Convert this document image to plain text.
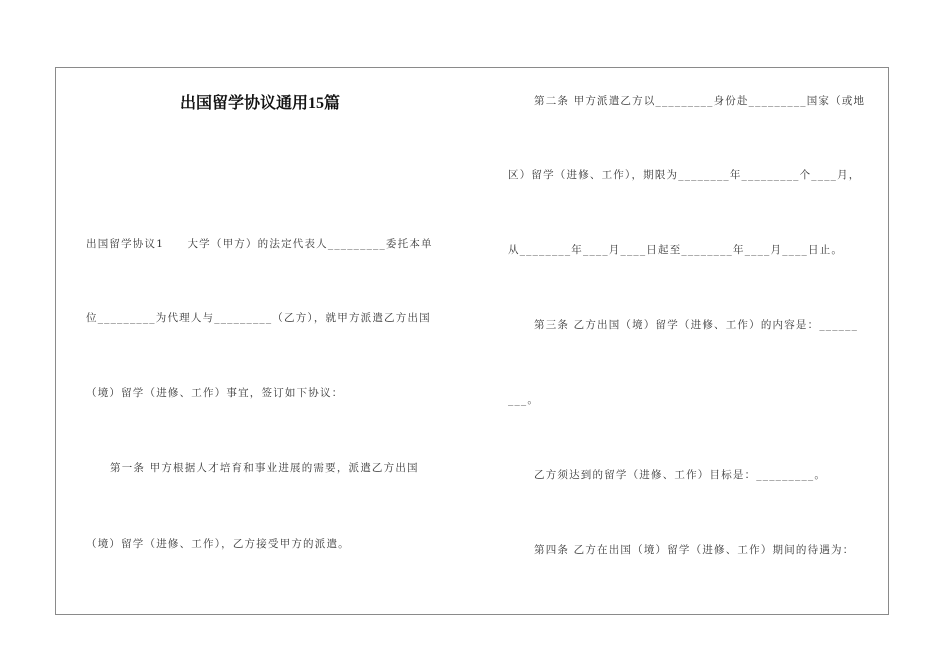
出国留学协议通用15篇
出国留学协议1　　大学（甲方）的法定代表人_________委托本单
位_________为代理人与_________（乙方），就甲方派遣乙方出国
（境）留学（进修、工作）事宜，签订如下协议：
第一条 甲方根据人才培育和事业进展的需要，派遣乙方出国
（境）留学（进修、工作），乙方接受甲方的派遣。
第二条 甲方派遣乙方以_________身份赴_________国家（或地
区）留学（进修、工作），期限为________年_________个____月，
从________年____月____日起至________年____月____日止。
第三条 乙方出国（境）留学（进修、工作）的内容是：______
___。
乙方须达到的留学（进修、工作）目标是：_________。
第四条 乙方在出国（境）留学（进修、工作）期间的待遇为：
